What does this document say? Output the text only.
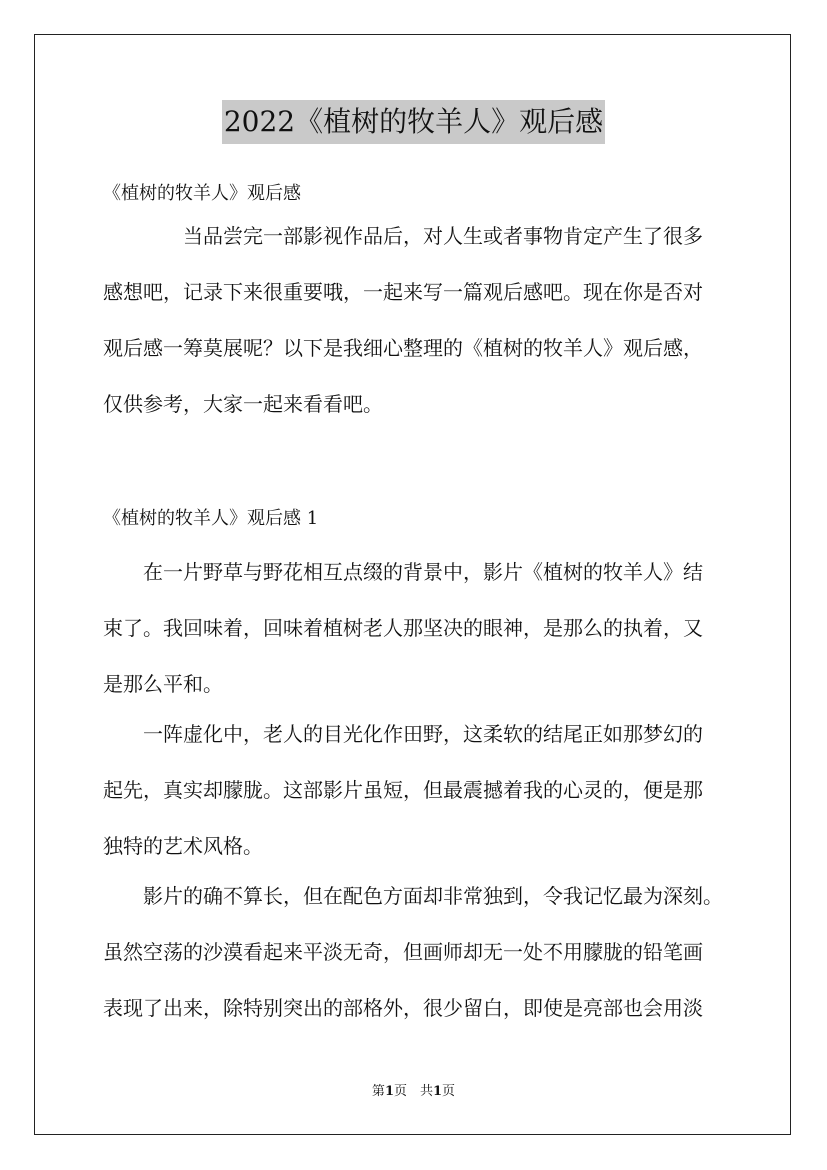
2022《植树的牧羊人》观后感
《植树的牧羊人》观后感
当品尝完一部影视作品后，对人生或者事物肯定产生了很多
感想吧，记录下来很重要哦，一起来写一篇观后感吧。现在你是否对
观后感一筹莫展呢？以下是我细心整理的《植树的牧羊人》观后感，
仅供参考，大家一起来看看吧。
《植树的牧羊人》观后感 1
在一片野草与野花相互点缀的背景中，影片《植树的牧羊人》结
束了。我回味着，回味着植树老人那坚决的眼神，是那么的执着，又
是那么平和。
一阵虚化中，老人的目光化作田野，这柔软的结尾正如那梦幻的
起先，真实却朦胧。这部影片虽短，但最震撼着我的心灵的，便是那
独特的艺术风格。
影片的确不算长，但在配色方面却非常独到，令我记忆最为深刻。
虽然空荡的沙漠看起来平淡无奇，但画师却无一处不用朦胧的铅笔画
表现了出来，除特别突出的部格外，很少留白，即使是亮部也会用淡
第1页　共1页
